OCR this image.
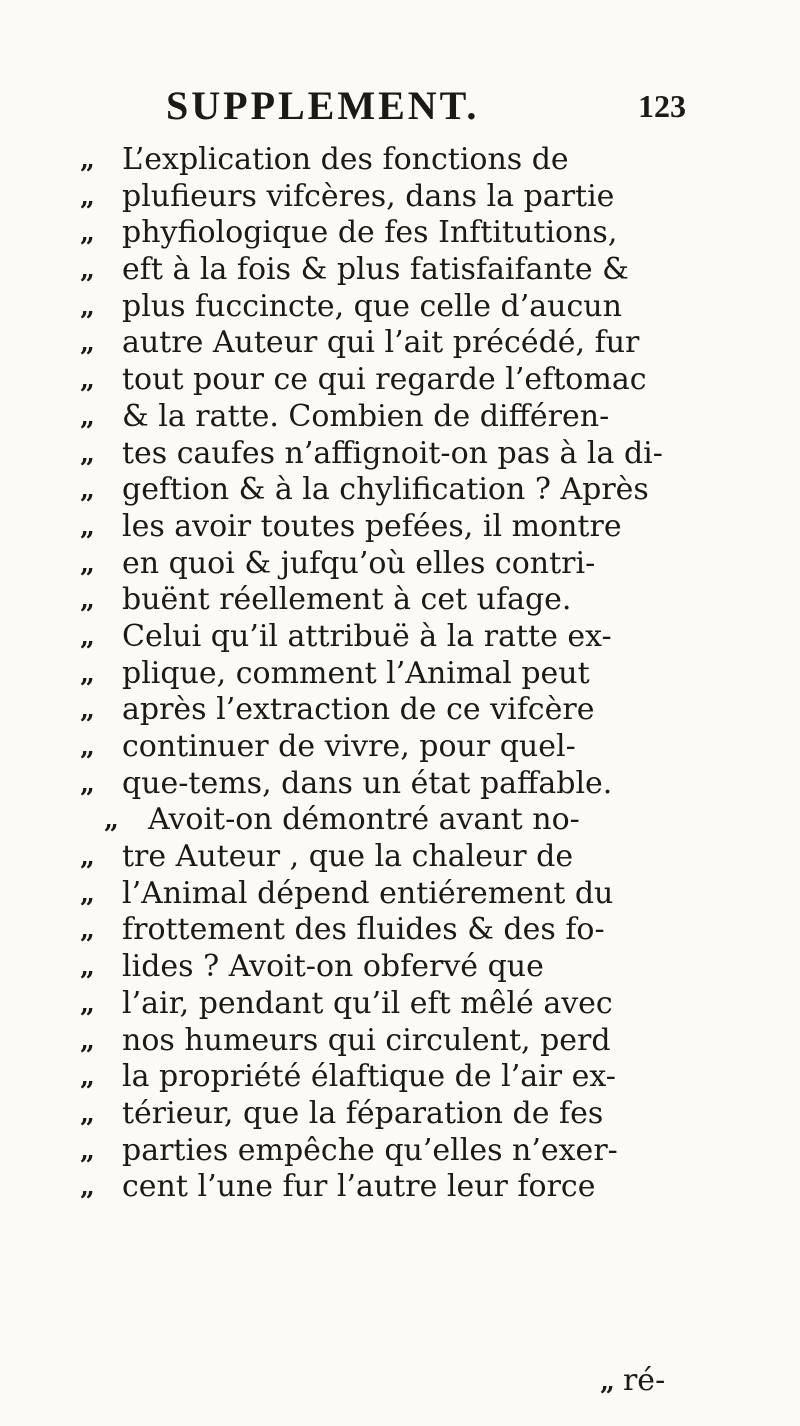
SUPPLEMENT.	123
„ L’explication des fonctions de
„ plufieurs vifcères, dans la partie
„ phyfiologique de fes Inftitutions,
„ eft à la fois & plus fatisfaifante &
„ plus fuccincte, que celle d’aucun
„ autre Auteur qui l’ait précédé, fur
„ tout pour ce qui regarde l’eftomac
„ & la ratte. Combien de différen-
„ tes caufes n’affignoit-on pas à la di-
„ geftion & à la chylification ? Après
„ les avoir toutes pefées, il montre
„ en quoi & jufqu’où elles contri-
„ buënt réellement à cet ufage.
„ Celui qu’il attribuë à la ratte ex-
„ plique, comment l’Animal peut
„ après l’extraction de ce vifcère
„ continuer de vivre, pour quel-
„ que-tems, dans un état paffable.
„ Avoit-on démontré avant no-
„ tre Auteur , que la chaleur de
„ l’Animal dépend entiérement du
„ frottement des fluides & des fo-
„ lides ? Avoit-on obfervé que
„ l’air, pendant qu’il eft mêlé avec
„ nos humeurs qui circulent, perd
„ la propriété élaftique de l’air ex-
„ térieur, que la féparation de fes
„ parties empêche qu’elles n’exer-
„ cent l’une fur l’autre leur force
„ ré-
